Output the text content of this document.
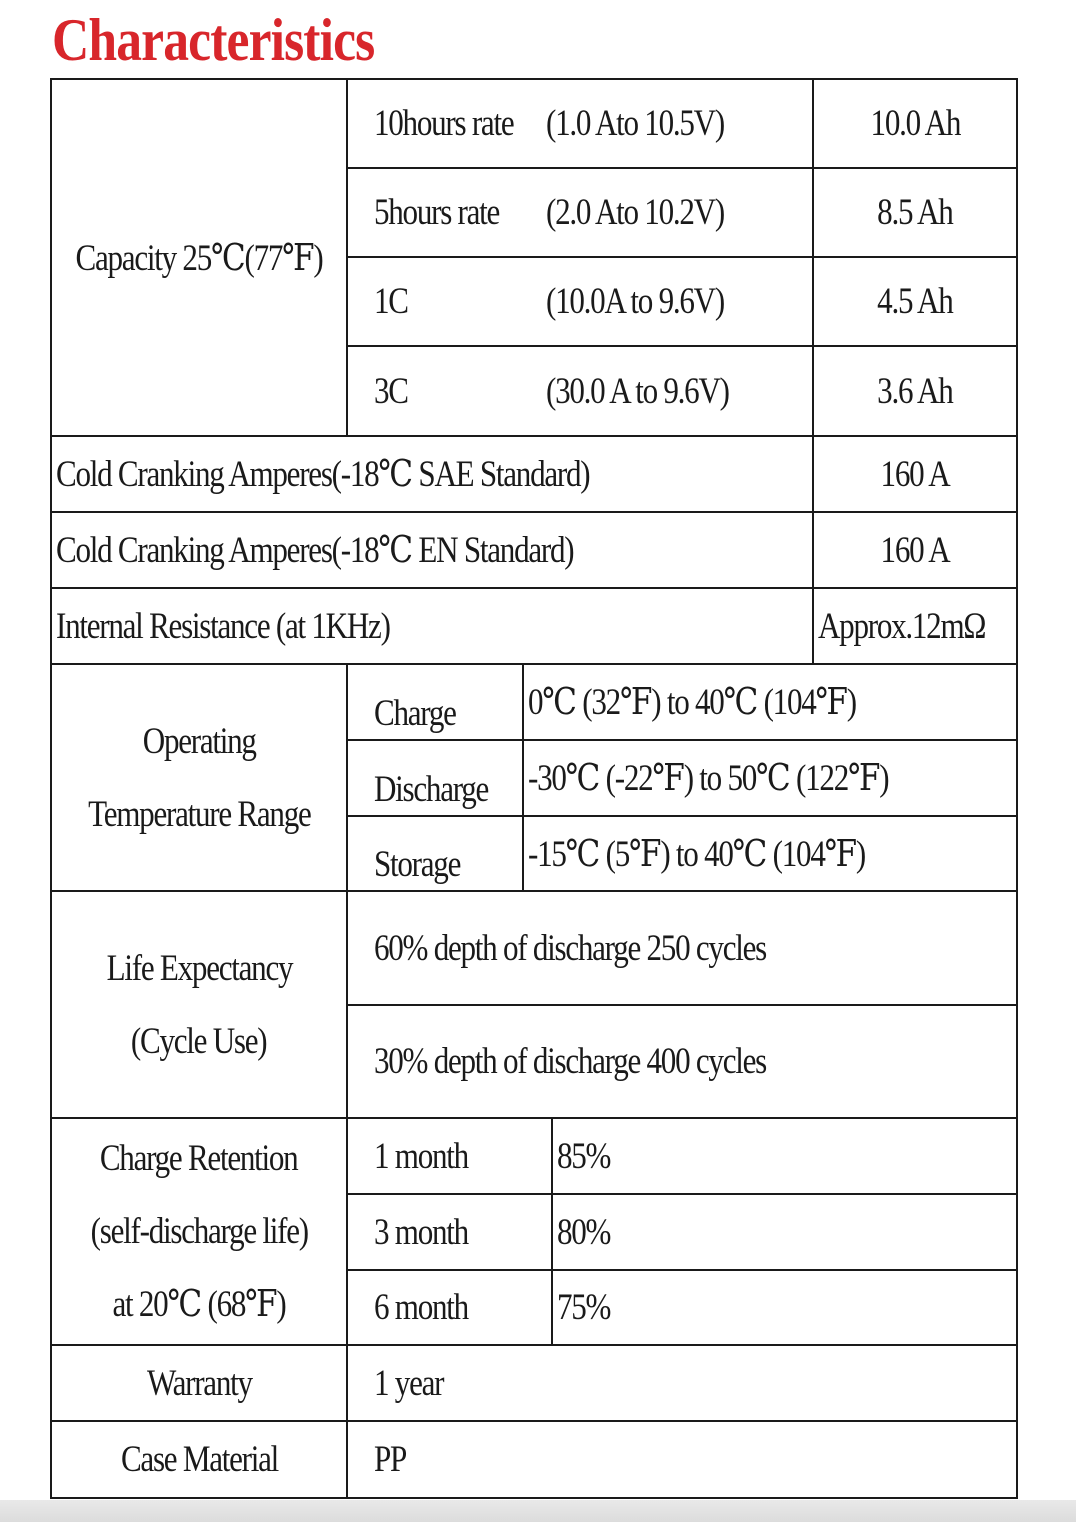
Characteristics
Capacity 25℃(77℉)
10hours rate (1.0 Ato 10.5V)	10.0 Ah
5hours rate (2.0 Ato 10.2V)	8.5 Ah
1C	(10.0A to 9.6V)	4.5 Ah
3C	(30.0 A to 9.6V)	3.6 Ah
Cold Cranking Amperes(-18℃ SAE Standard)	160 A
Cold Cranking Amperes(-18℃ EN Standard)	160 A
Internal Resistance (at 1KHz)	Approx.12mΩ
Operating
Temperature Range
Charge 0℃ (32℉) to 40℃ (104℉)
Discharge -30℃ (-22℉) to 50℃ (122℉)
Storage -15℃ (5℉) to 40℃ (104℉)
Life Expectancy
(Cycle Use)
60% depth of discharge 250 cycles
30% depth of discharge 400 cycles
Charge Retention
(self-discharge life)
at 20℃ (68℉)
1 month 85%
3 month 80%
6 month 75%
Warranty	1 year
Case Material	PP
